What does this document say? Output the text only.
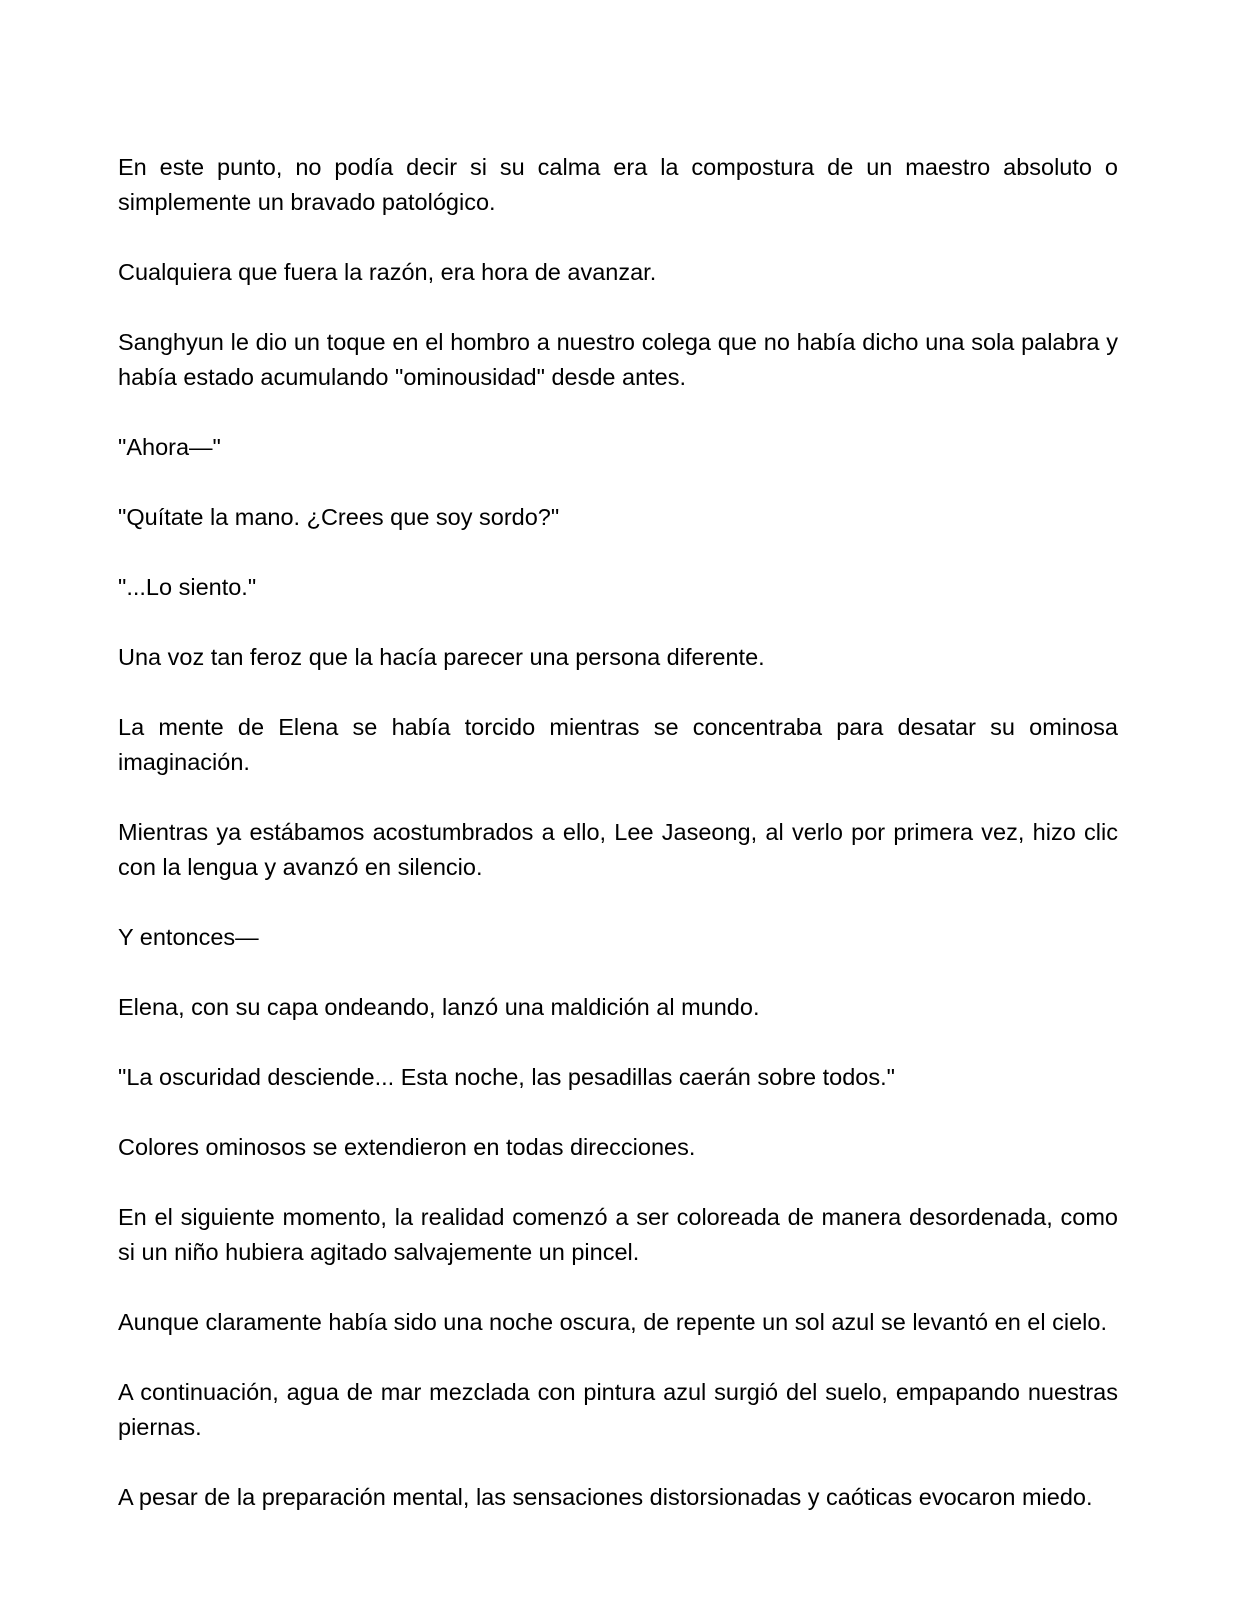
En este punto, no podía decir si su calma era la compostura de un maestro absoluto o simplemente un bravado patológico.

Cualquiera que fuera la razón, era hora de avanzar.

Sanghyun le dio un toque en el hombro a nuestro colega que no había dicho una sola palabra y había estado acumulando "ominousidad" desde antes.

"Ahora—"

"Quítate la mano. ¿Crees que soy sordo?"

"...Lo siento."

Una voz tan feroz que la hacía parecer una persona diferente.

La mente de Elena se había torcido mientras se concentraba para desatar su ominosa imaginación.

Mientras ya estábamos acostumbrados a ello, Lee Jaseong, al verlo por primera vez, hizo clic con la lengua y avanzó en silencio.

Y entonces—

Elena, con su capa ondeando, lanzó una maldición al mundo.

"La oscuridad desciende... Esta noche, las pesadillas caerán sobre todos."

Colores ominosos se extendieron en todas direcciones.

En el siguiente momento, la realidad comenzó a ser coloreada de manera desordenada, como si un niño hubiera agitado salvajemente un pincel.

Aunque claramente había sido una noche oscura, de repente un sol azul se levantó en el cielo.

A continuación, agua de mar mezclada con pintura azul surgió del suelo, empapando nuestras piernas.

A pesar de la preparación mental, las sensaciones distorsionadas y caóticas evocaron miedo.
